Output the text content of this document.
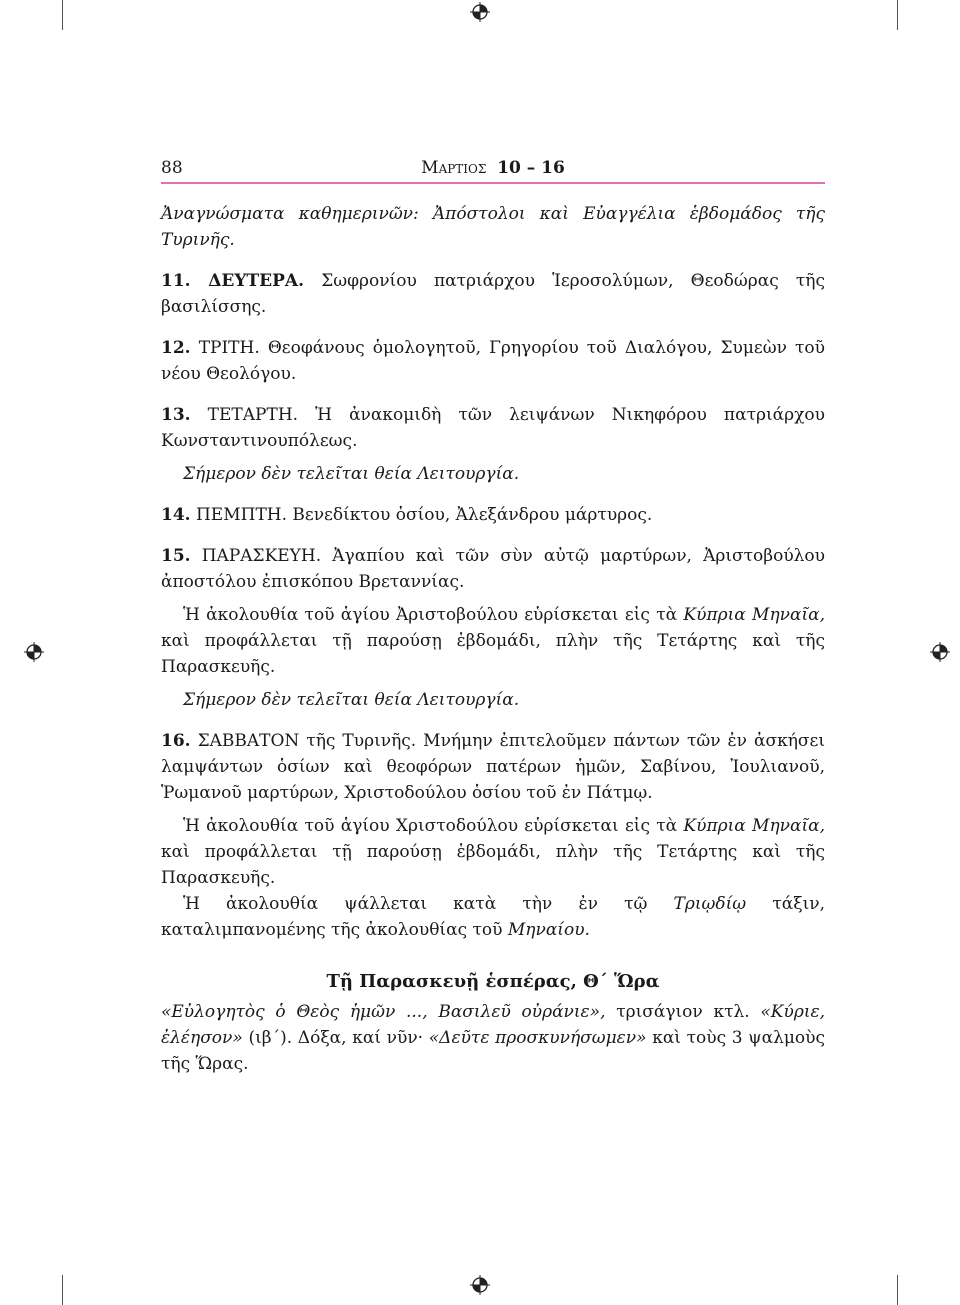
88	Μαρτιος 10 – 16

Ἀναγνώσματα καθημερινῶν: Ἀπόστολοι καὶ Εὐαγγέλια ἑβδομάδος τῆς Τυρινῆς.

11. ΔΕΥΤΕΡΑ. Σωφρονίου πατριάρχου Ἱεροσολύμων, Θεοδώρας τῆς βασιλίσσης.

12. ΤΡΙΤΗ. Θεοφάνους ὁμολογητοῦ, Γρηγορίου τοῦ Διαλόγου, Συμεὼν τοῦ νέου Θεολόγου.

13. ΤΕΤΑΡΤΗ. Ἡ ἀνακομιδὴ τῶν λειψάνων Νικηφόρου πατριάρχου Κωνσταντινουπόλεως.

Σήμερον δὲν τελεῖται θεία Λειτουργία.

14. ΠΕΜΠΤΗ. Βενεδίκτου ὁσίου, Ἀλεξάνδρου μάρτυρος.

15. ΠΑΡΑΣΚΕΥΗ. Ἀγαπίου καὶ τῶν σὺν αὐτῷ μαρτύρων, Ἀριστοβούλου ἀποστόλου ἐπισκόπου Βρεταννίας.

Ἡ ἀκολουθία τοῦ ἁγίου Ἀριστοβούλου εὑρίσκεται εἰς τὰ Κύπρια Μηναῖα, καὶ προφάλλεται τῇ παρούσῃ ἑβδομάδι, πλὴν τῆς Τετάρτης καὶ τῆς Παρασκευῆς.

Σήμερον δὲν τελεῖται θεία Λειτουργία.

16. ΣΑΒΒΑΤΟΝ τῆς Τυρινῆς. Μνήμην ἐπιτελοῦμεν πάντων τῶν ἐν ἀσκήσει λαμψάντων ὁσίων καὶ θεοφόρων πατέρων ἡμῶν, Σαβίνου, Ἰουλιανοῦ, Ῥωμανοῦ μαρτύρων, Χριστοδούλου ὁσίου τοῦ ἐν Πάτμῳ.

Ἡ ἀκολουθία τοῦ ἁγίου Χριστοδούλου εὑρίσκεται εἰς τὰ Κύπρια Μηναῖα, καὶ προφάλλεται τῇ παρούσῃ ἑβδομάδι, πλὴν τῆς Τετάρτης καὶ τῆς Παρασκευῆς.

Ἡ ἀκολουθία ψάλλεται κατὰ τὴν ἐν τῷ Τριῳδίῳ τάξιν, καταλιμπανομένης τῆς ἀκολουθίας τοῦ Μηναίου.

Τῇ Παρασκευῇ ἑσπέρας, Θ΄ Ὥρα

«Εὐλογητὸς ὁ Θεὸς ἡμῶν ..., Βασιλεῦ οὐράνιε», τρισάγιον κτλ. «Κύριε, ἐλέησον» (ιβ΄). Δόξα, καί νῦν· «Δεῦτε προσκυνήσωμεν» καὶ τοὺς 3 ψαλμοὺς τῆς Ὥρας.
